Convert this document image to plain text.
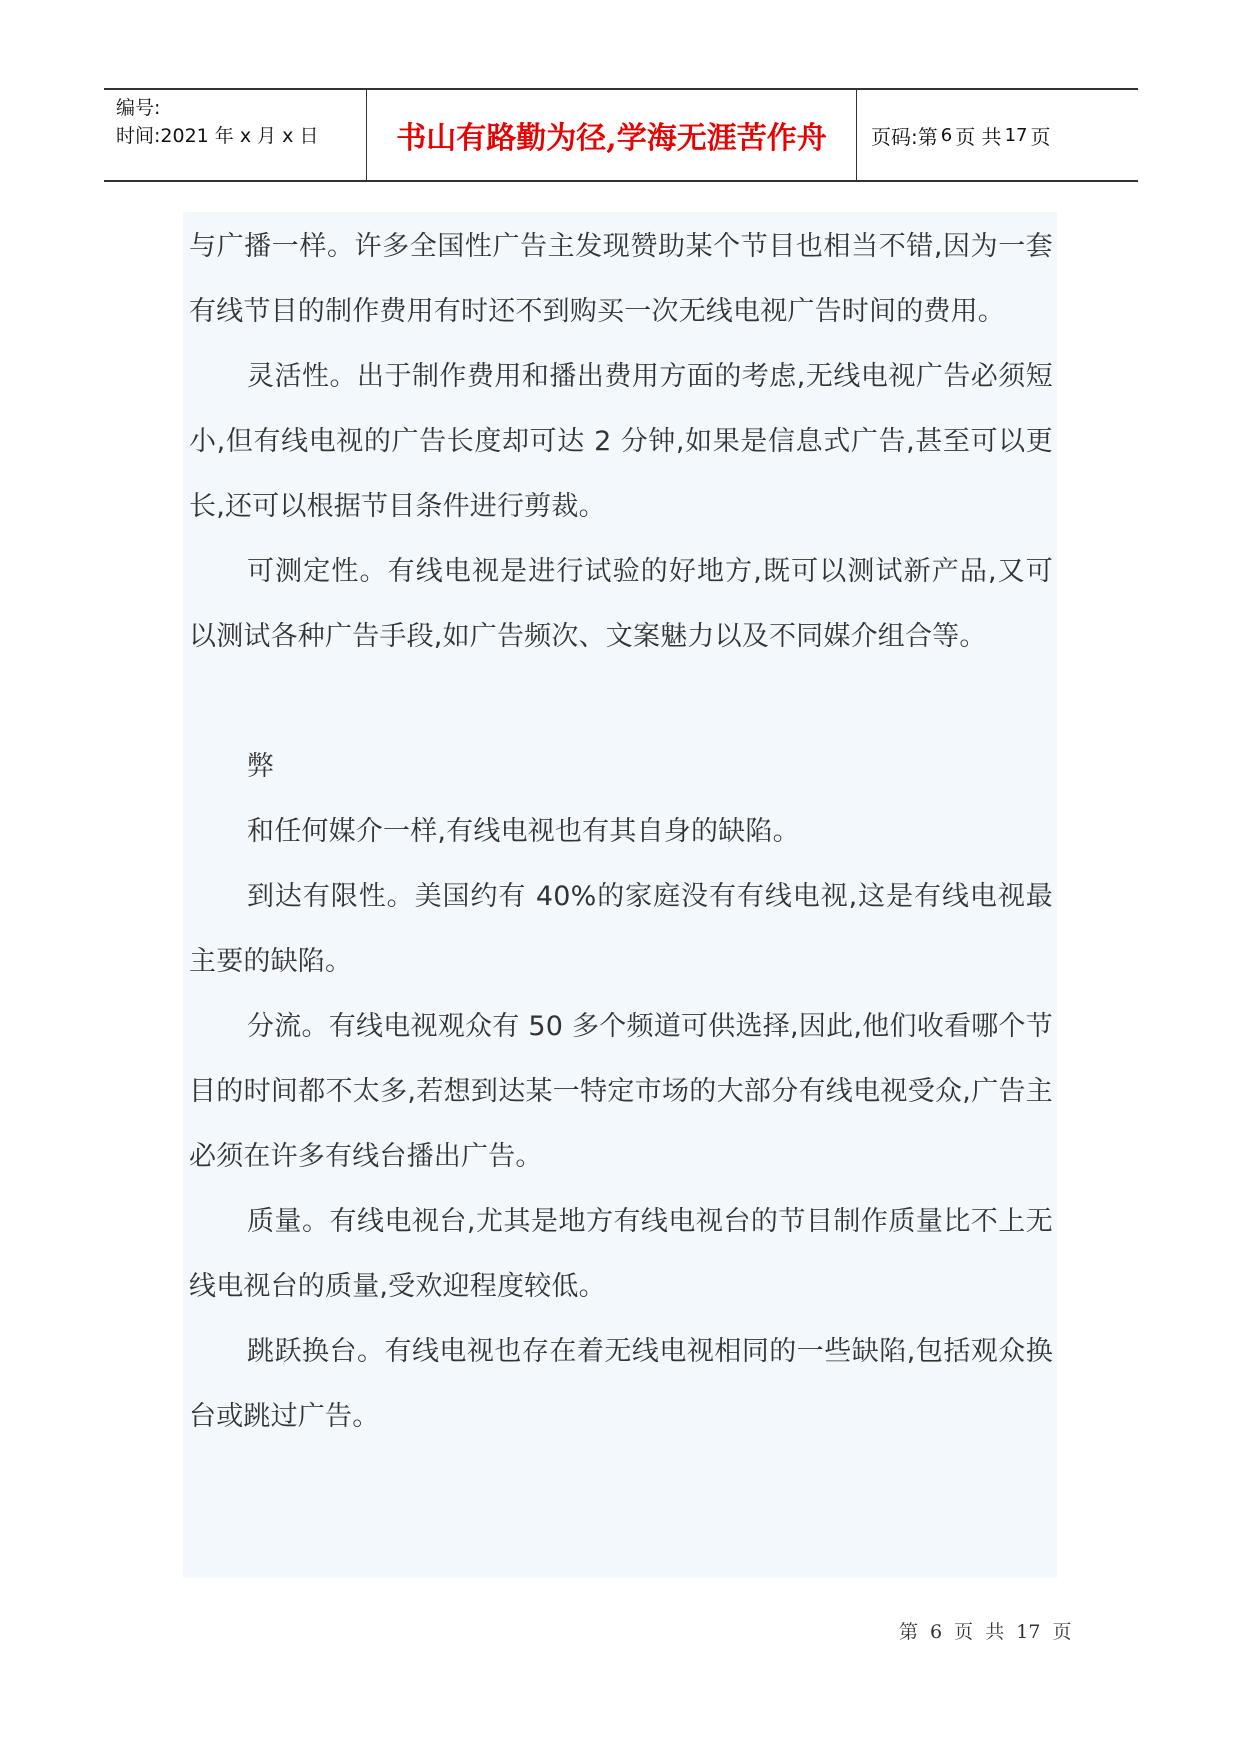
编号:
时间:2021 年 x 月 x 日	书山有路勤为径,学海无涯苦作舟	页码:第 6 页 共 17 页

与广播一样。许多全国性广告主发现赞助某个节目也相当不错,因为一套有线节目的制作费用有时还不到购买一次无线电视广告时间的费用。

灵活性。出于制作费用和播出费用方面的考虑,无线电视广告必须短小,但有线电视的广告长度却可达 2 分钟,如果是信息式广告,甚至可以更长,还可以根据节目条件进行剪裁。

可测定性。有线电视是进行试验的好地方,既可以测试新产品,又可以测试各种广告手段,如广告频次、文案魅力以及不同媒介组合等。

弊

和任何媒介一样,有线电视也有其自身的缺陷。

到达有限性。美国约有 40%的家庭没有有线电视,这是有线电视最主要的缺陷。

分流。有线电视观众有 50 多个频道可供选择,因此,他们收看哪个节目的时间都不太多,若想到达某一特定市场的大部分有线电视受众,广告主必须在许多有线台播出广告。

质量。有线电视台,尤其是地方有线电视台的节目制作质量比不上无线电视台的质量,受欢迎程度较低。

跳跃换台。有线电视也存在着无线电视相同的一些缺陷,包括观众换台或跳过广告。

第 6 页 共 17 页
